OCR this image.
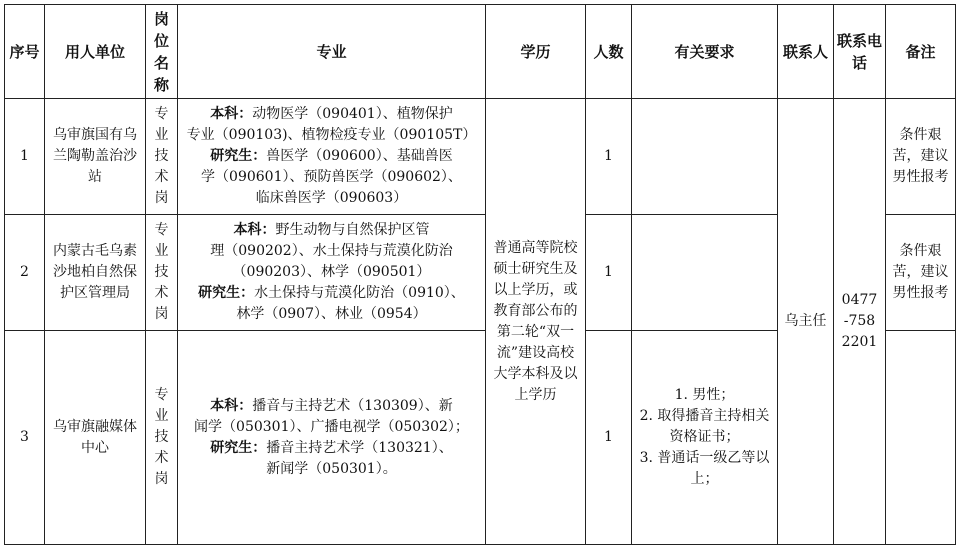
序号	用人单位	岗位名称	专业	学历	人数	有关要求	联系人	联系电话	备注
1	乌审旗国有乌兰陶勒盖治沙站	专业技术岗	本科：动物医学（090401）、植物保护
专业（090103)、植物检疫专业（090105T）
研究生：兽医学（090600）、基础兽医
学（090601）、预防兽医学（090602）、
临床兽医学（090603）	普通高等院校硕士研究生及以上学历，或教育部公布的第二轮“双一流”建设高校大学本科及以上学历	1		乌主任	0477
-758
2201	条件艰苦，建议男性报考
2	内蒙古毛乌素沙地柏自然保护区管理局	专业技术岗	本科：野生动物与自然保护区管
理（090202）、水土保持与荒漠化防治
（090203）、林学（090501）
研究生：水土保持与荒漠化防治（0910）、
林学（0907）、林业（0954）		1				条件艰苦，建议男性报考
3	乌审旗融媒体中心	专业技术岗	本科：播音与主持艺术（130309）、新
闻学（050301）、广播电视学（050302）；
研究生：播音主持艺术学（130321）、
新闻学（050301）。		1	1. 男性；
2. 取得播音主持相关资格证书；
3. 普通话一级乙等以上；			
